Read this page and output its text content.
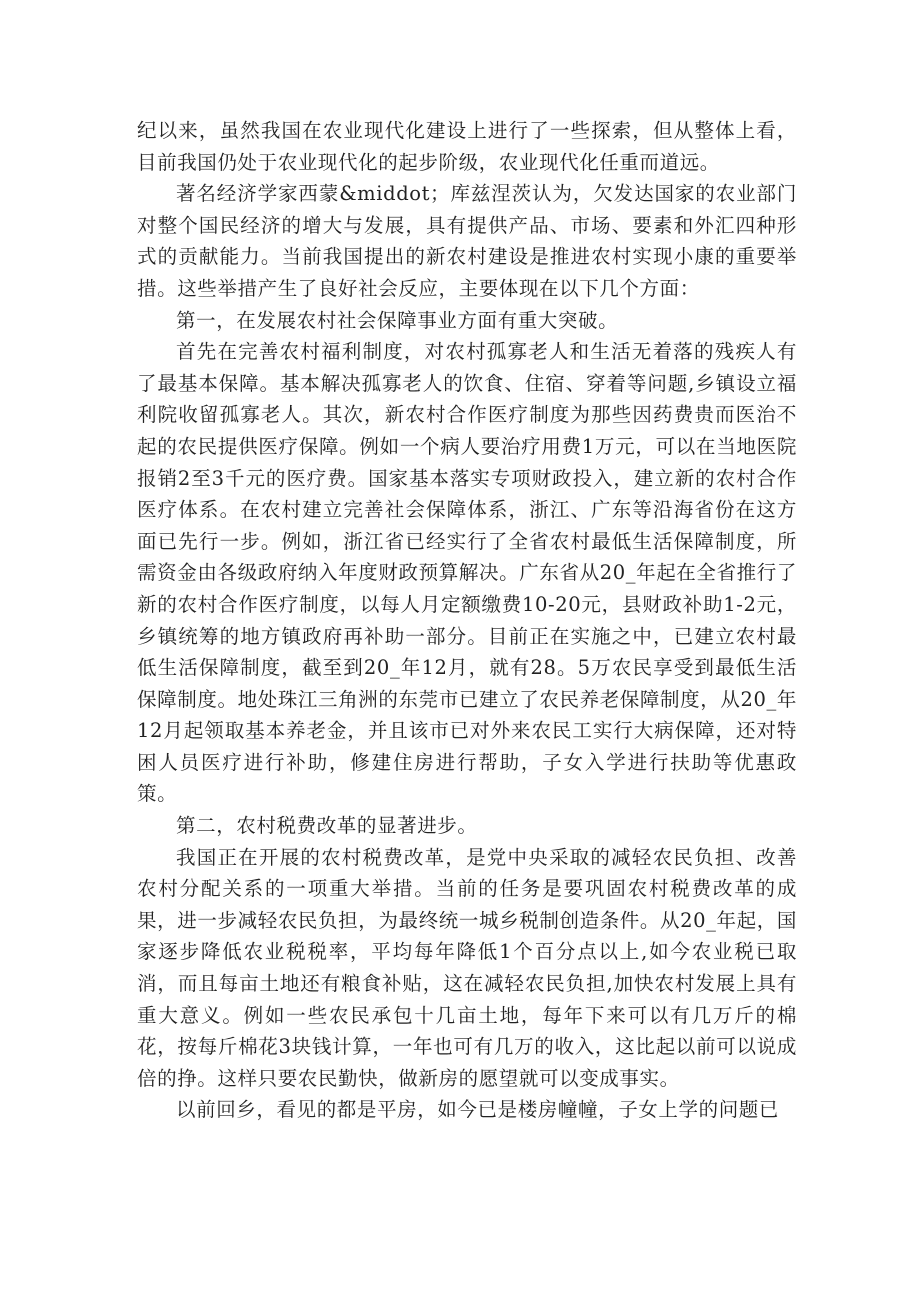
纪以来，虽然我国在农业现代化建设上进行了一些探索，但从整体上看，目前我国仍处于农业现代化的起步阶级，农业现代化任重而道远。

著名经济学家西蒙&middot；库兹涅茨认为，欠发达国家的农业部门对整个国民经济的增大与发展，具有提供产品、市场、要素和外汇四种形式的贡献能力。当前我国提出的新农村建设是推进农村实现小康的重要举措。这些举措产生了良好社会反应，主要体现在以下几个方面：

第一，在发展农村社会保障事业方面有重大突破。

首先在完善农村福利制度，对农村孤寡老人和生活无着落的残疾人有了最基本保障。基本解决孤寡老人的饮食、住宿、穿着等问题,乡镇设立福利院收留孤寡老人。其次，新农村合作医疗制度为那些因药费贵而医治不起的农民提供医疗保障。例如一个病人要治疗用费1万元，可以在当地医院报销2至3千元的医疗费。国家基本落实专项财政投入，建立新的农村合作医疗体系。在农村建立完善社会保障体系，浙江、广东等沿海省份在这方面已先行一步。例如，浙江省已经实行了全省农村最低生活保障制度，所需资金由各级政府纳入年度财政预算解决。广东省从20_年起在全省推行了新的农村合作医疗制度，以每人月定额缴费10-20元，县财政补助1-2元，乡镇统筹的地方镇政府再补助一部分。目前正在实施之中，已建立农村最低生活保障制度，截至到20_年12月，就有28。5万农民享受到最低生活保障制度。地处珠江三角洲的东莞市已建立了农民养老保障制度，从20_年12月起领取基本养老金，并且该市已对外来农民工实行大病保障，还对特困人员医疗进行补助，修建住房进行帮助，子女入学进行扶助等优惠政策。

第二，农村税费改革的显著进步。

我国正在开展的农村税费改革，是党中央采取的减轻农民负担、改善农村分配关系的一项重大举措。当前的任务是要巩固农村税费改革的成果，进一步减轻农民负担，为最终统一城乡税制创造条件。从20_年起，国家逐步降低农业税税率，平均每年降低1个百分点以上,如今农业税已取消，而且每亩土地还有粮食补贴，这在减轻农民负担,加快农村发展上具有重大意义。例如一些农民承包十几亩土地，每年下来可以有几万斤的棉花，按每斤棉花3块钱计算，一年也可有几万的收入，这比起以前可以说成倍的挣。这样只要农民勤快，做新房的愿望就可以变成事实。

以前回乡，看见的都是平房，如今已是楼房幢幢，子女上学的问题已
